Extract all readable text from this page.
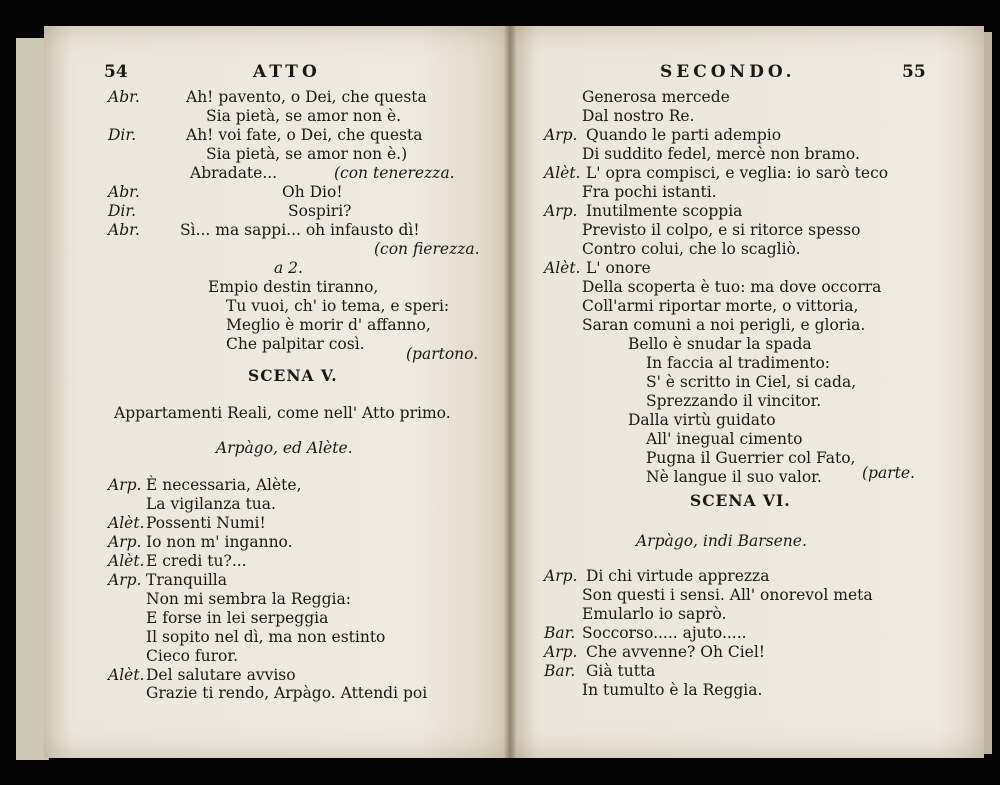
54	ATTO
Abr.	Ah! pavento, o Dei, che questa
Sia pietà, se amor non è.
Dir.	Ah! voi fate, o Dei, che questa
Sia pietà, se amor non è.)
Abradate...	(con tenerezza.
Abr.	Oh Dio!
Dir.	Sospiri?
Abr.	Sì... ma sappi... oh infausto dì!
(con fierezza.
a 2.
Empio destin tiranno,
Tu vuoi, ch' io tema, e speri:
Meglio è morir d' affanno,
Che palpitar così.
(partono.
SCENA V.
Appartamenti Reali, come nell' Atto primo.
Arpàgo, ed Alète.
Arp. È necessaria, Alète,
La vigilanza tua.
Alèt. Possenti Numi!
Arp. Io non m' inganno.
Alèt. E credi tu?...
Arp. Tranquilla
Non mi sembra la Reggia:
E forse in lei serpeggia
Il sopito nel dì, ma non estinto
Cieco furor.
Alèt. Del salutare avviso
Grazie ti rendo, Arpàgo. Attendi poi
SECONDO.	55
Generosa mercede
Dal nostro Re.
Arp. Quando le parti adempio
Di suddito fedel, mercè non bramo.
Alèt. L' opra compisci, e veglia: io sarò teco
Fra pochi istanti.
Arp. Inutilmente scoppia
Previsto il colpo, e si ritorce spesso
Contro colui, che lo scagliò.
Alèt. L' onore
Della scoperta è tuo: ma dove occorra
Coll'armi riportar morte, o vittoria,
Saran comuni a noi perigli, e gloria.
Bello è snudar la spada
In faccia al tradimento:
S' è scritto in Ciel, si cada,
Sprezzando il vincitor.
Dalla virtù guidato
All' inegual cimento
Pugna il Guerrier col Fato,
Nè langue il suo valor.	(parte.
SCENA VI.
Arpàgo, indi Barsene.
Arp. Di chi virtude apprezza
Son questi i sensi. All' onorevol meta
Emularlo io saprò.
Bar. Soccorso..... ajuto.....
Arp. Che avvenne? Oh Ciel!
Bar. Già tutta
In tumulto è la Reggia.
